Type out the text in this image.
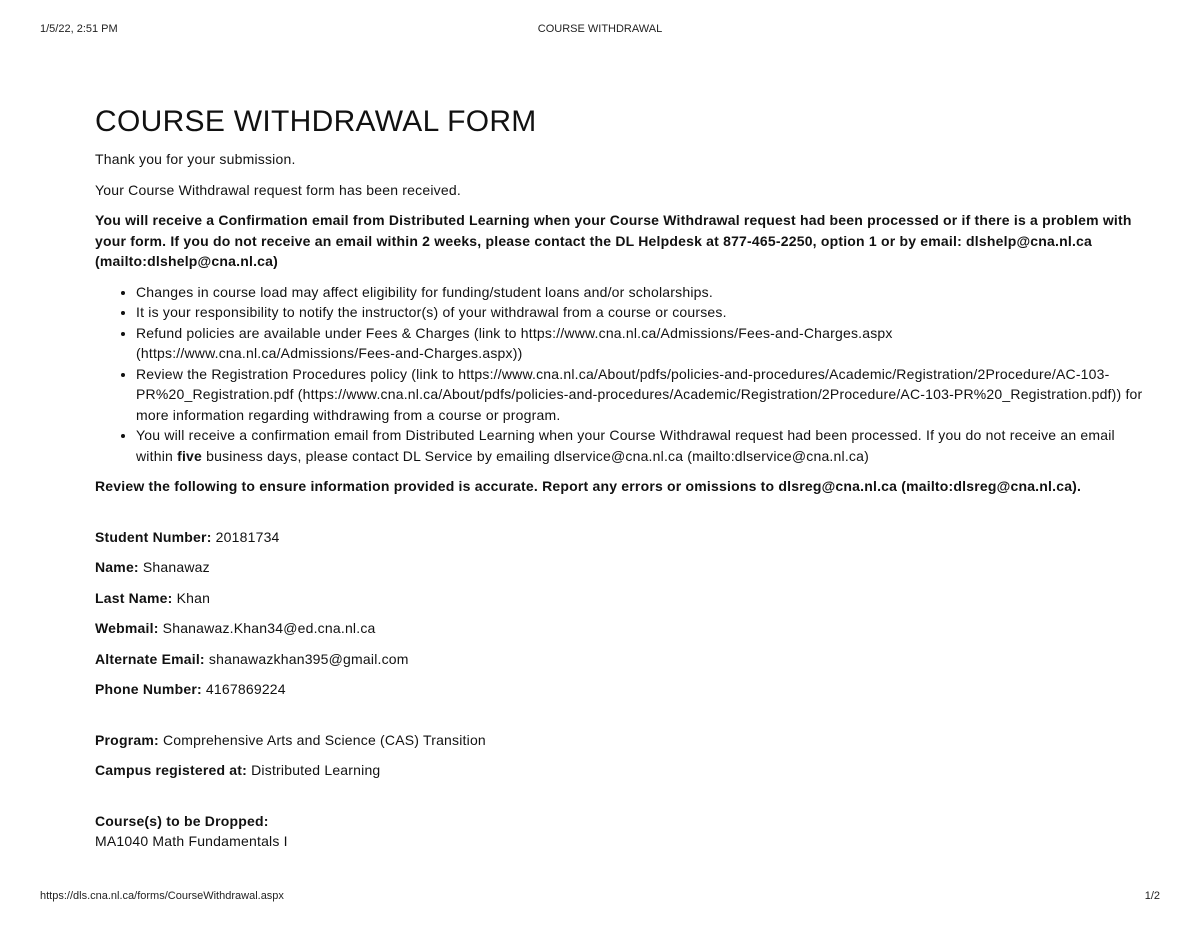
1/5/22, 2:51 PM	COURSE WITHDRAWAL
COURSE WITHDRAWAL FORM

Thank you for your submission.

Your Course Withdrawal request form has been received.

You will receive a Confirmation email from Distributed Learning when your Course Withdrawal request had been processed or if there is a problem with your form. If you do not receive an email within 2 weeks, please contact the DL Helpdesk at 877-465-2250, option 1 or by email: dlshelp@cna.nl.ca (mailto:dlshelp@cna.nl.ca)

• Changes in course load may affect eligibility for funding/student loans and/or scholarships.
• It is your responsibility to notify the instructor(s) of your withdrawal from a course or courses.
• Refund policies are available under Fees & Charges (link to https://www.cna.nl.ca/Admissions/Fees-and-Charges.aspx (https://www.cna.nl.ca/Admissions/Fees-and-Charges.aspx))
• Review the Registration Procedures policy (link to https://www.cna.nl.ca/About/pdfs/policies-and-procedures/Academic/Registration/2Procedure/AC-103-PR%20_Registration.pdf (https://www.cna.nl.ca/About/pdfs/policies-and-procedures/Academic/Registration/2Procedure/AC-103-PR%20_Registration.pdf)) for more information regarding withdrawing from a course or program.
• You will receive a confirmation email from Distributed Learning when your Course Withdrawal request had been processed. If you do not receive an email within five business days, please contact DL Service by emailing dlservice@cna.nl.ca (mailto:dlservice@cna.nl.ca)

Review the following to ensure information provided is accurate. Report any errors or omissions to dlsreg@cna.nl.ca (mailto:dlsreg@cna.nl.ca).

Student Number: 20181734
Name: Shanawaz
Last Name: Khan
Webmail: Shanawaz.Khan34@ed.cna.nl.ca
Alternate Email: shanawazkhan395@gmail.com
Phone Number: 4167869224
Program: Comprehensive Arts and Science (CAS) Transition
Campus registered at: Distributed Learning
Course(s) to be Dropped:
MA1040 Math Fundamentals I
https://dls.cna.nl.ca/forms/CourseWithdrawal.aspx	1/2
